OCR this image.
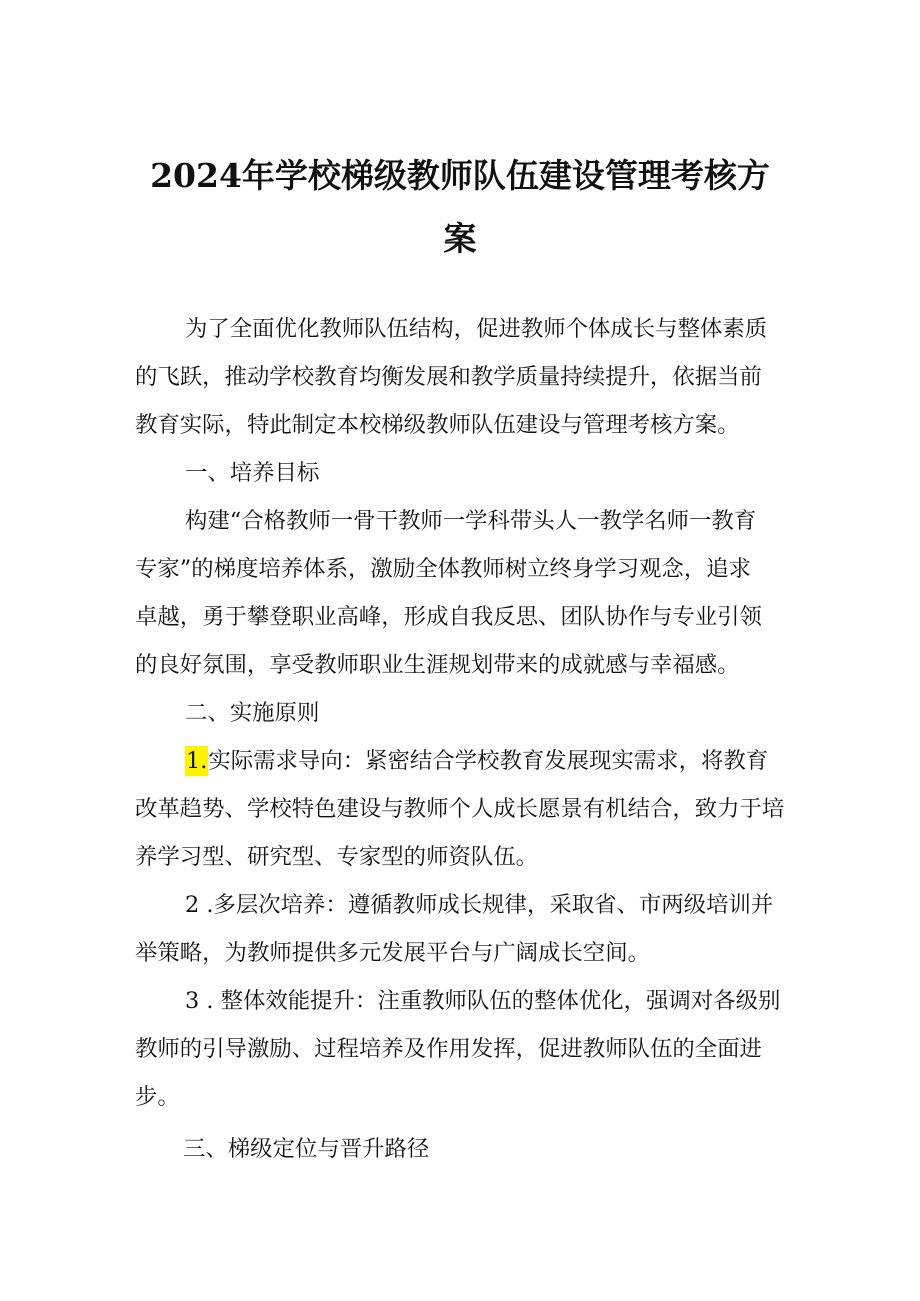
2024年学校梯级教师队伍建设管理考核方
案
为了全面优化教师队伍结构，促进教师个体成长与整体素质
的飞跃，推动学校教育均衡发展和教学质量持续提升，依据当前
教育实际，特此制定本校梯级教师队伍建设与管理考核方案。
一、培养目标
构建“合格教师一骨干教师一学科带头人一教学名师一教育
专家”的梯度培养体系，激励全体教师树立终身学习观念，追求
卓越，勇于攀登职业高峰，形成自我反思、团队协作与专业引领
的良好氛围，享受教师职业生涯规划带来的成就感与幸福感。
二、实施原则
1.实际需求导向：紧密结合学校教育发展现实需求，将教育
改革趋势、学校特色建设与教师个人成长愿景有机结合，致力于培
养学习型、研究型、专家型的师资队伍。
2 .多层次培养：遵循教师成长规律，采取省、市两级培训并
举策略，为教师提供多元发展平台与广阔成长空间。
3 . 整体效能提升：注重教师队伍的整体优化，强调对各级别
教师的引导激励、过程培养及作用发挥，促进教师队伍的全面进
步。
三、梯级定位与晋升路径
